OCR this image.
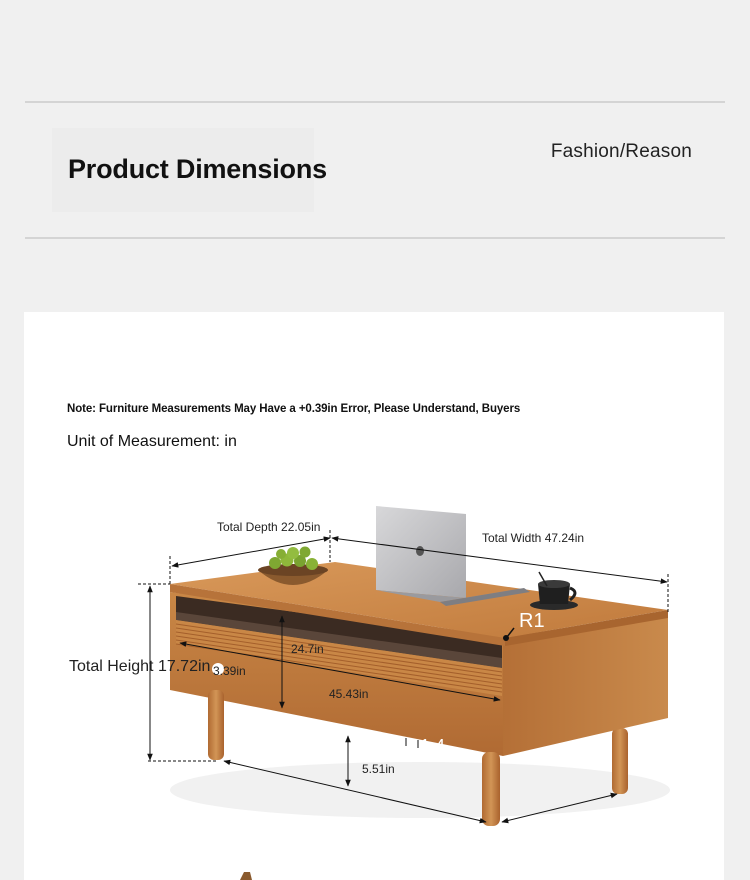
Product Dimensions
Fashion/Reason
Note: Furniture Measurements May Have a +0.39in Error, Please Understand, Buyers
Unit of Measurement: in
Total Depth 22.05in
Total Width 47.24in
Total Height 17.72in
R1
24.7in
3.39in
45.43in
5.51in
1.4
